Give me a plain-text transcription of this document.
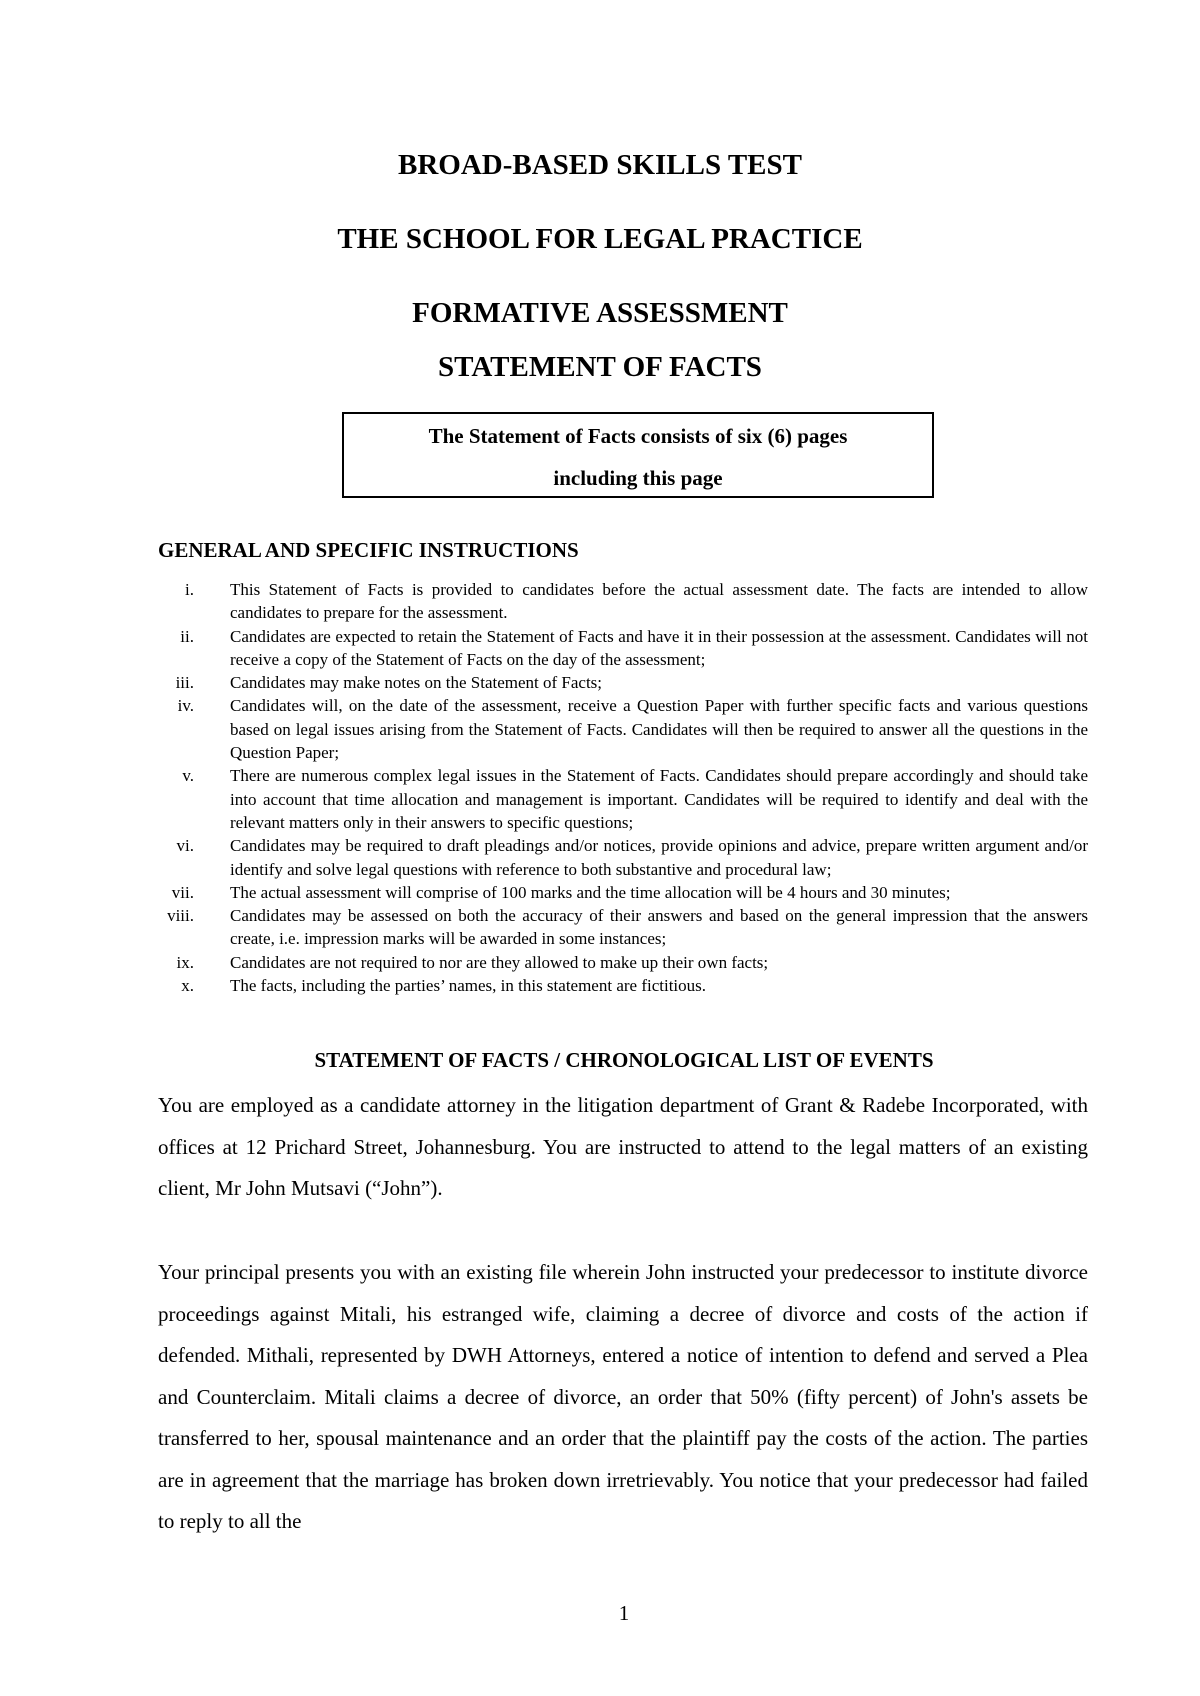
BROAD-BASED SKILLS TEST
THE SCHOOL FOR LEGAL PRACTICE
FORMATIVE ASSESSMENT
STATEMENT OF FACTS
The Statement of Facts consists of six (6) pages
including this page
GENERAL AND SPECIFIC INSTRUCTIONS
i. This Statement of Facts is provided to candidates before the actual assessment date. The facts are intended to allow candidates to prepare for the assessment.
ii. Candidates are expected to retain the Statement of Facts and have it in their possession at the assessment. Candidates will not receive a copy of the Statement of Facts on the day of the assessment;
iii. Candidates may make notes on the Statement of Facts;
iv. Candidates will, on the date of the assessment, receive a Question Paper with further specific facts and various questions based on legal issues arising from the Statement of Facts. Candidates will then be required to answer all the questions in the Question Paper;
v. There are numerous complex legal issues in the Statement of Facts. Candidates should prepare accordingly and should take into account that time allocation and management is important. Candidates will be required to identify and deal with the relevant matters only in their answers to specific questions;
vi. Candidates may be required to draft pleadings and/or notices, provide opinions and advice, prepare written argument and/or identify and solve legal questions with reference to both substantive and procedural law;
vii. The actual assessment will comprise of 100 marks and the time allocation will be 4 hours and 30 minutes;
viii. Candidates may be assessed on both the accuracy of their answers and based on the general impression that the answers create, i.e. impression marks will be awarded in some instances;
ix. Candidates are not required to nor are they allowed to make up their own facts;
x. The facts, including the parties’ names, in this statement are fictitious.
STATEMENT OF FACTS / CHRONOLOGICAL LIST OF EVENTS

You are employed as a candidate attorney in the litigation department of Grant & Radebe Incorporated, with offices at 12 Prichard Street, Johannesburg. You are instructed to attend to the legal matters of an existing client, Mr John Mutsavi (“John”).

Your principal presents you with an existing file wherein John instructed your predecessor to institute divorce proceedings against Mitali, his estranged wife, claiming a decree of divorce and costs of the action if defended. Mithali, represented by DWH Attorneys, entered a notice of intention to defend and served a Plea and Counterclaim. Mitali claims a decree of divorce, an order that 50% (fifty percent) of John's assets be transferred to her, spousal maintenance and an order that the plaintiff pay the costs of the action. The parties are in agreement that the marriage has broken down irretrievably. You notice that your predecessor had failed to reply to all the

1
